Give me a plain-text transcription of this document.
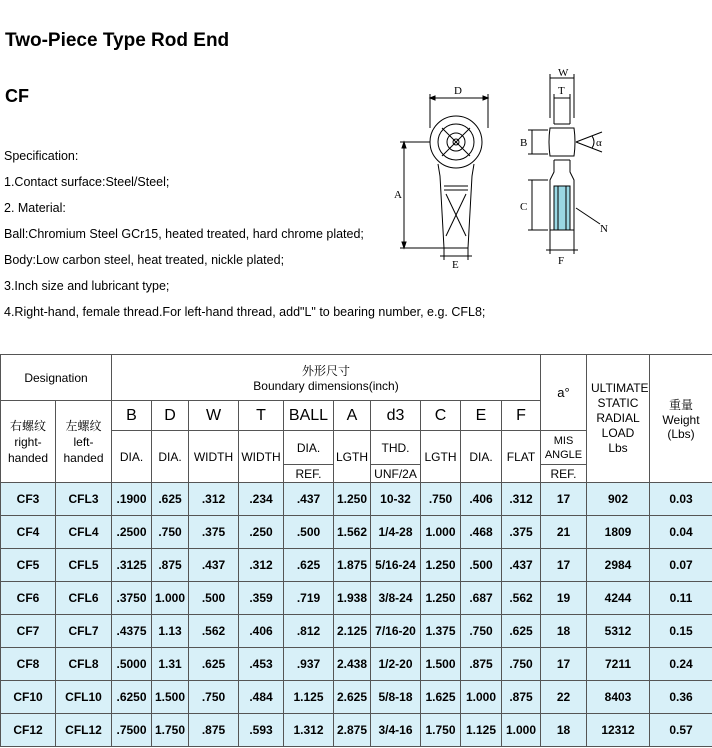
Two-Piece Type Rod End
CF
Specification:
1.Contact surface:Steel/Steel;
2. Material:
Ball:Chromium Steel GCr15, heated treated, hard chrome plated;
Body:Low carbon steel, heat treated, nickle plated;
3.Inch size and lubricant type;
4.Right-hand, female thread.For left-hand thread, add"L" to bearing number, e.g. CFL8;
D
A
E
W
T
B
C
F
N
α
Designation		外形尺寸
Boundary dimensions(inch)										a°	ULTIMATE STATIC RADIAL LOAD Lbs	重量
Weight (Lbs)
右螺纹
right-handed	左螺纹
left-handed	B	D	W	T	BALL	A	d3	C	E	F			
		DIA.	DIA.	WIDTH	WIDTH	DIA.	LGTH	THD.	LGTH	DIA.	FLAT	MIS ANGLE		
						REF.		UNF/2A				REF.		
CF3	CFL3	.1900	.625	.312	.234	.437	1.250	10-32	.750	.406	.312	17	902	0.03
CF4	CFL4	.2500	.750	.375	.250	.500	1.562	1/4-28	1.000	.468	.375	21	1809	0.04
CF5	CFL5	.3125	.875	.437	.312	.625	1.875	5/16-24	1.250	.500	.437	17	2984	0.07
CF6	CFL6	.3750	1.000	.500	.359	.719	1.938	3/8-24	1.250	.687	.562	19	4244	0.11
CF7	CFL7	.4375	1.13	.562	.406	.812	2.125	7/16-20	1.375	.750	.625	18	5312	0.15
CF8	CFL8	.5000	1.31	.625	.453	.937	2.438	1/2-20	1.500	.875	.750	17	7211	0.24
CF10	CFL10	.6250	1.500	.750	.484	1.125	2.625	5/8-18	1.625	1.000	.875	22	8403	0.36
CF12	CFL12	.7500	1.750	.875	.593	1.312	2.875	3/4-16	1.750	1.125	1.000	18	12312	0.57
